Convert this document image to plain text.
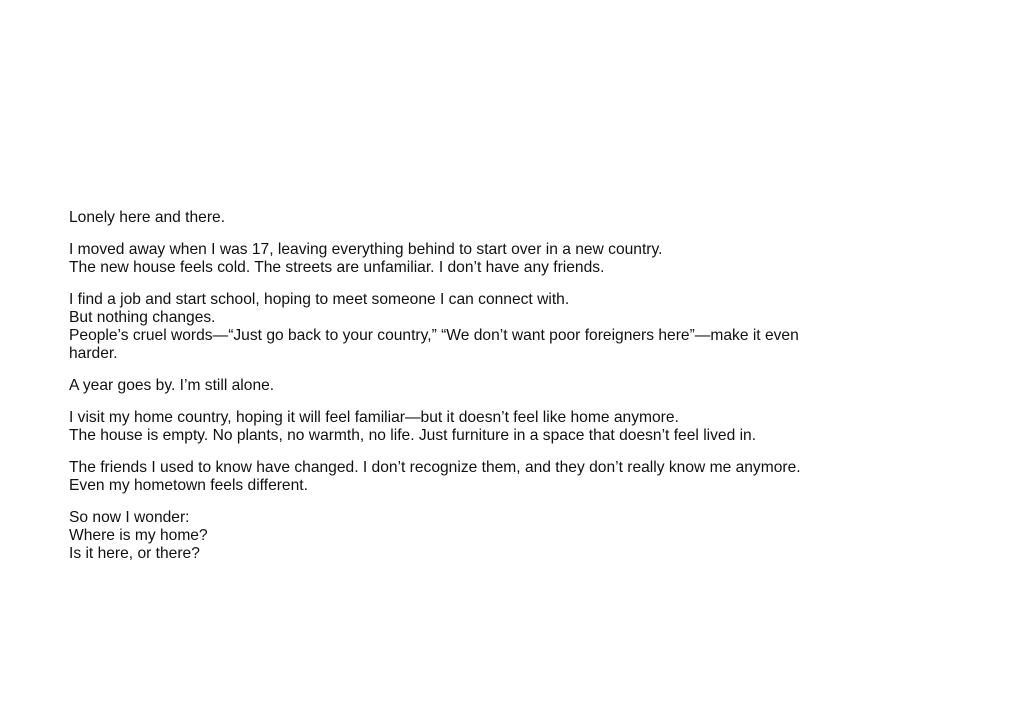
Lonely here and there.

I moved away when I was 17, leaving everything behind to start over in a new country.
The new house feels cold. The streets are unfamiliar. I don’t have any friends.

I find a job and start school, hoping to meet someone I can connect with.
But nothing changes.
People’s cruel words—“Just go back to your country,” “We don’t want poor foreigners here”—make it even
harder.

A year goes by. I’m still alone.

I visit my home country, hoping it will feel familiar—but it doesn’t feel like home anymore.
The house is empty. No plants, no warmth, no life. Just furniture in a space that doesn’t feel lived in.

The friends I used to know have changed. I don’t recognize them, and they don’t really know me anymore.
Even my hometown feels different.

So now I wonder:
Where is my home?
Is it here, or there?
